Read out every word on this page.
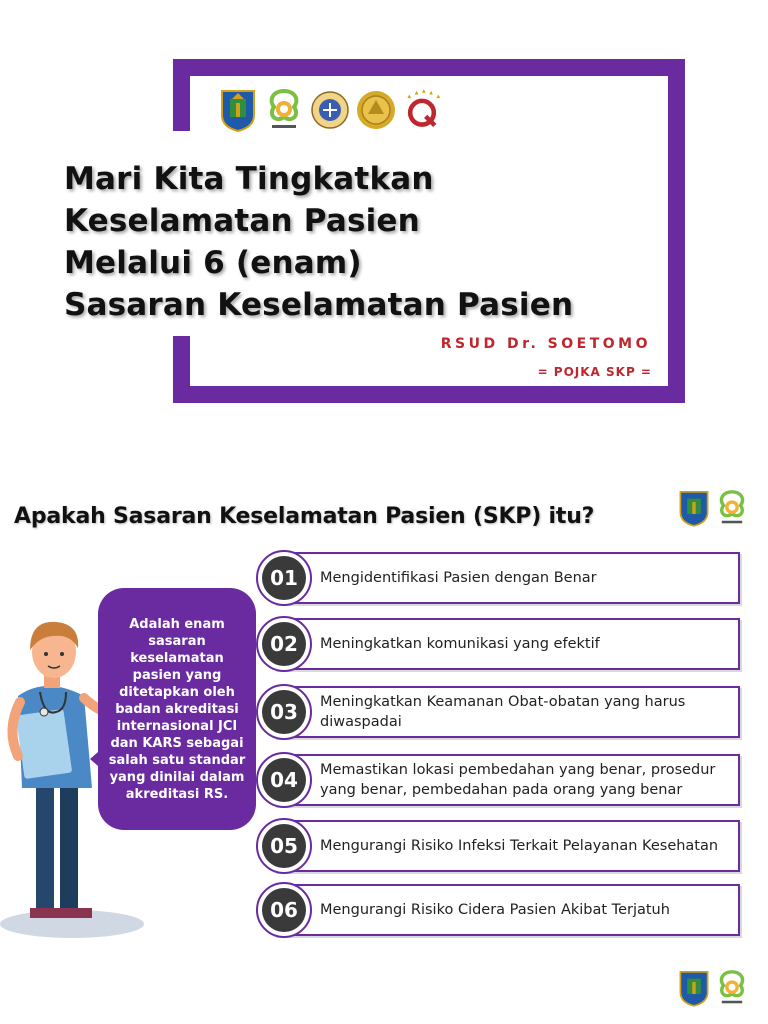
Mari Kita Tingkatkan
Keselamatan Pasien
Melalui 6 (enam)
Sasaran Keselamatan Pasien

RSUD Dr. SOETOMO

= POJKA SKP =

Apakah Sasaran Keselamatan Pasien (SKP) itu?
Adalah enam sasaran keselamatan pasien yang ditetapkan oleh badan akreditasi internasional JCI dan KARS sebagai salah satu standar yang dinilai dalam akreditasi RS.
01	Mengidentifikasi Pasien dengan Benar
02	Meningkatkan komunikasi yang efektif
03	Meningkatkan Keamanan Obat-obatan yang harus diwaspadai
04	Memastikan lokasi pembedahan yang benar, prosedur yang benar, pembedahan pada orang yang benar
05	Mengurangi Risiko Infeksi Terkait Pelayanan Kesehatan
06	Mengurangi Risiko Cidera Pasien Akibat Terjatuh
